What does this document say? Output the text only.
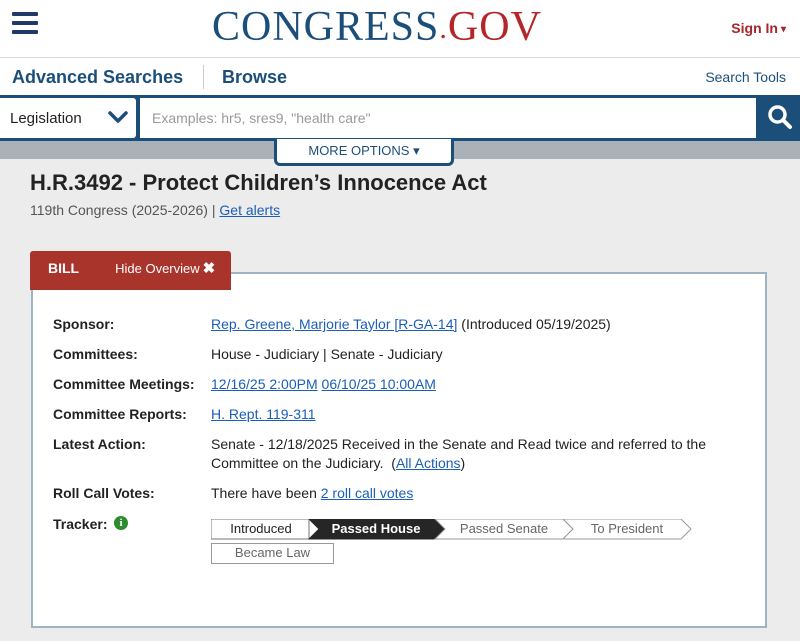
CONGRESS.GOV	Sign In ▾
Advanced Searches Browse	Search Tools
Legislation
Examples: hr5, sres9, "health care"
MORE OPTIONS ▾
H.R.3492 - Protect Children’s Innocence Act
119th Congress (2025-2026) | Get alerts
Sponsor:	Rep. Greene, Marjorie Taylor [R-GA-14] (Introduced 05/19/2025)
Committees:	House - Judiciary | Senate - Judiciary
Committee Meetings: 12/16/25 2:00PM 06/10/25 10:00AM
Committee Reports: H. Rept. 119-311
Latest Action:	Senate - 12/18/2025 Received in the Senate and Read twice and referred to the
Committee on the Judiciary. (All Actions)
Roll Call Votes:	There have been 2 roll call votes
Tracker:	i	Introduced	Passed House	Passed Senate	To President
Became Law
BILL	Hide Overview ✖
